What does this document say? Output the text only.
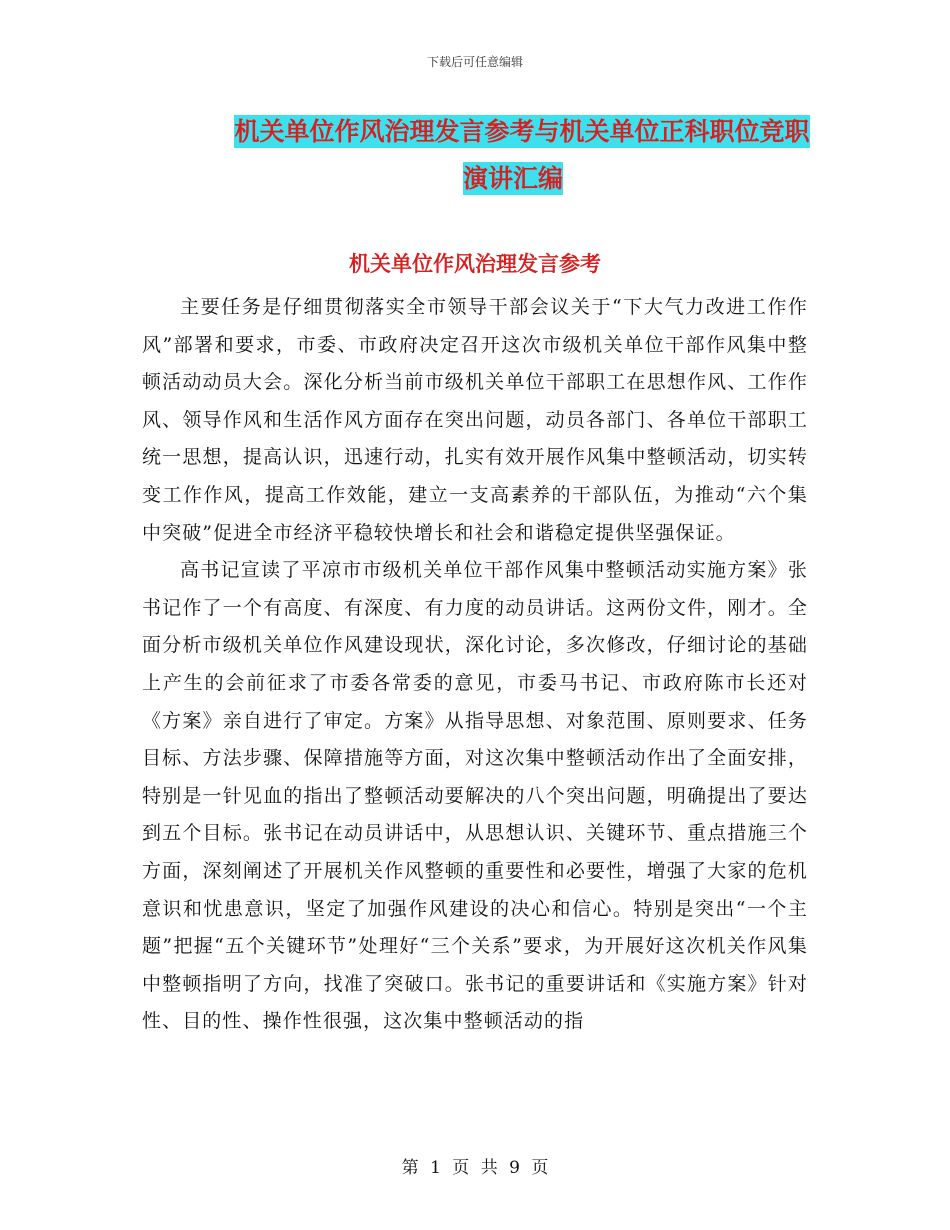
下载后可任意编辑
机关单位作风治理发言参考与机关单位正科职位竞职
演讲汇编
机关单位作风治理发言参考

主要任务是仔细贯彻落实全市领导干部会议关于“下大气力改进工作作风”部署和要求，市委、市政府决定召开这次市级机关单位干部作风集中整顿活动动员大会。深化分析当前市级机关单位干部职工在思想作风、工作作风、领导作风和生活作风方面存在突出问题，动员各部门、各单位干部职工统一思想，提高认识，迅速行动，扎实有效开展作风集中整顿活动，切实转变工作作风，提高工作效能，建立一支高素养的干部队伍，为推动“六个集中突破”促进全市经济平稳较快增长和社会和谐稳定提供坚强保证。

高书记宣读了平凉市市级机关单位干部作风集中整顿活动实施方案》张书记作了一个有高度、有深度、有力度的动员讲话。这两份文件，刚才。全面分析市级机关单位作风建设现状，深化讨论，多次修改，仔细讨论的基础上产生的会前征求了市委各常委的意见，市委马书记、市政府陈市长还对《方案》亲自进行了审定。方案》从指导思想、对象范围、原则要求、任务目标、方法步骤、保障措施等方面，对这次集中整顿活动作出了全面安排，特别是一针见血的指出了整顿活动要解决的八个突出问题，明确提出了要达到五个目标。张书记在动员讲话中，从思想认识、关键环节、重点措施三个方面，深刻阐述了开展机关作风整顿的重要性和必要性，增强了大家的危机意识和忧患意识，坚定了加强作风建设的决心和信心。特别是突出“一个主题”把握“五个关键环节”处理好“三个关系”要求，为开展好这次机关作风集中整顿指明了方向，找准了突破口。张书记的重要讲话和《实施方案》针对性、目的性、操作性很强，这次集中整顿活动的指

第 1 页 共 9 页
